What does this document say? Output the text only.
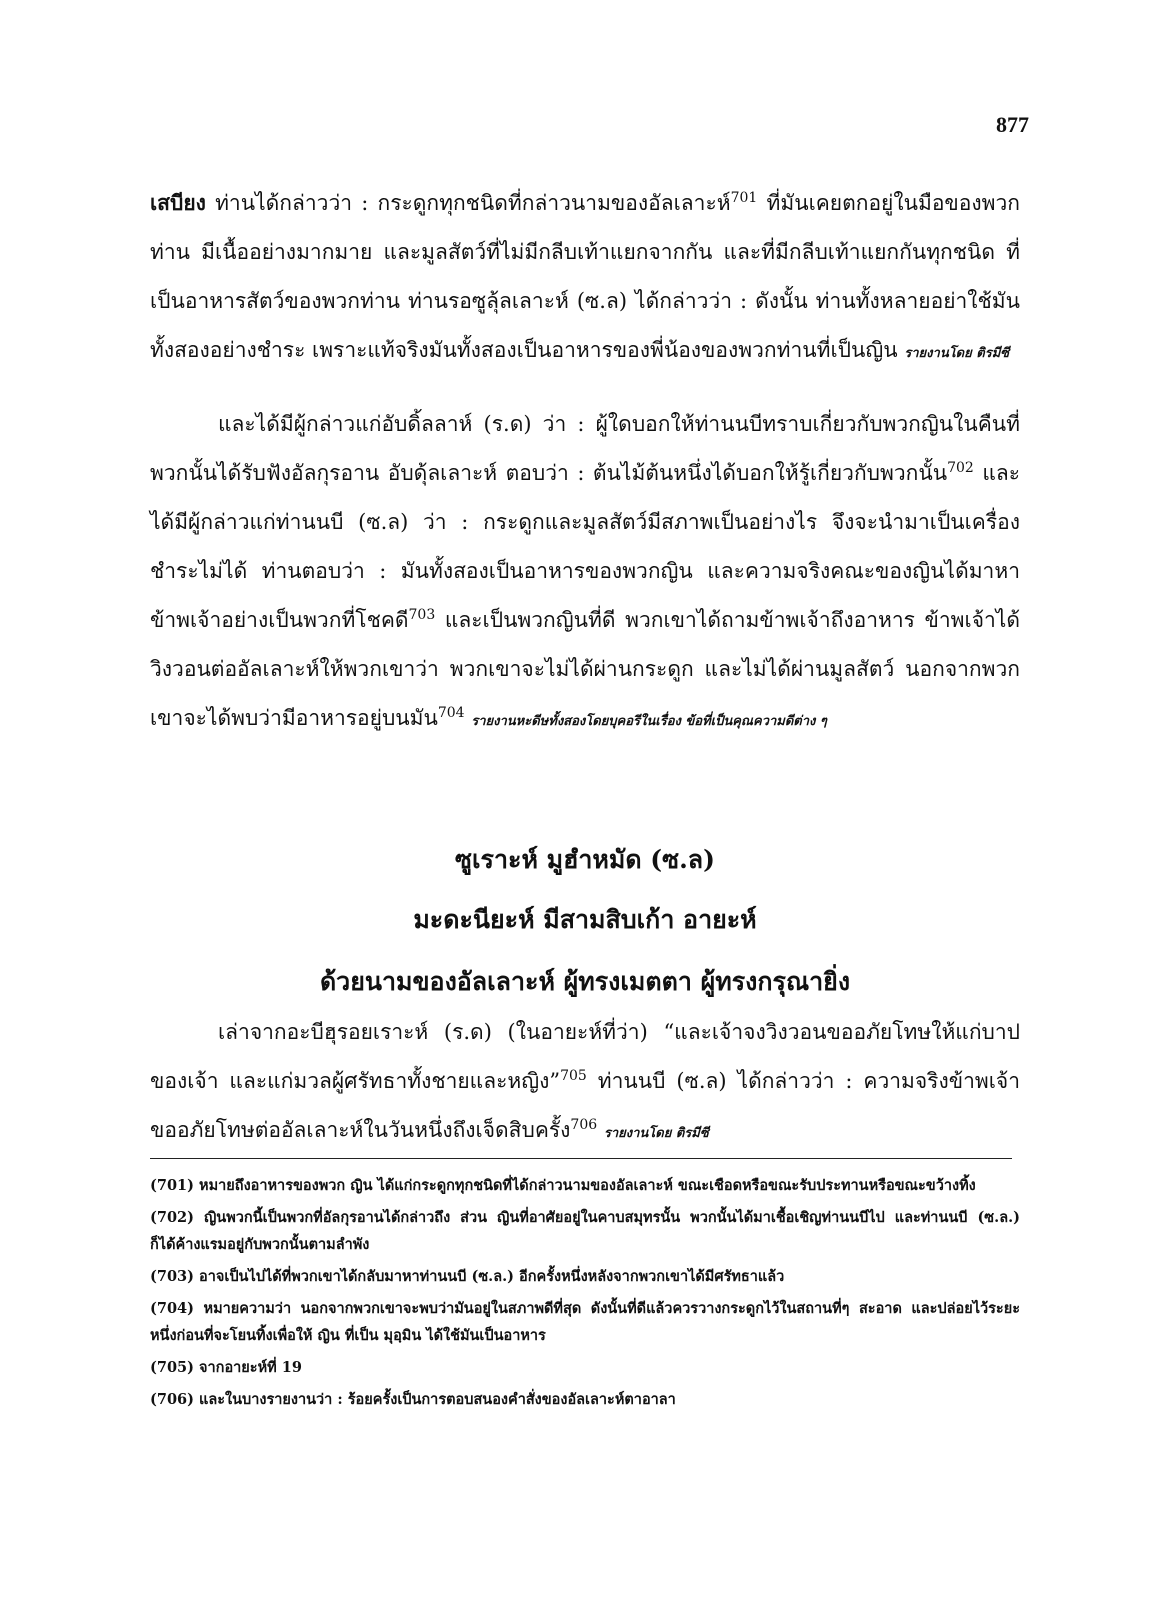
877

เสบียง ท่านได้กล่าวว่า : กระดูกทุกชนิดที่กล่าวนามของอัลเลาะห์$^{701}$ ที่มันเคยตกอยู่ในมือของพวกท่าน มีเนื้ออย่างมากมาย และมูลสัตว์ที่ไม่มีกลีบเท้าแยกจากกัน และที่มีกลีบเท้าแยกกันทุกชนิด ที่เป็นอาหารสัตว์ของพวกท่าน ท่านรอซูลุ้ลเลาะห์ (ซ.ล) ได้กล่าวว่า : ดังนั้น ท่านทั้งหลายอย่าใช้มันทั้งสองอย่างชำระ เพราะแท้จริงมันทั้งสองเป็นอาหารของพี่น้องของพวกท่านที่เป็นญิน รายงานโดย ติรมีซี

และได้มีผู้กล่าวแก่อับดิ้ลลาห์ (ร.ด) ว่า : ผู้ใดบอกให้ท่านนบีทราบเกี่ยวกับพวกญินในคืนที่พวกนั้นได้รับฟังอัลกุรอาน อับดุ้ลเลาะห์ ตอบว่า : ต้นไม้ต้นหนึ่งได้บอกให้รู้เกี่ยวกับพวกนั้น$^{702}$ และได้มีผู้กล่าวแก่ท่านนบี (ซ.ล) ว่า : กระดูกและมูลสัตว์มีสภาพเป็นอย่างไร จึงจะนำมาเป็นเครื่องชำระไม่ได้ ท่านตอบว่า : มันทั้งสองเป็นอาหารของพวกญิน และความจริงคณะของญินได้มาหาข้าพเจ้าอย่างเป็นพวกที่โชคดี$^{703}$ และเป็นพวกญินที่ดี พวกเขาได้ถามข้าพเจ้าถึงอาหาร ข้าพเจ้าได้วิงวอนต่ออัลเลาะห์ให้พวกเขาว่า พวกเขาจะไม่ได้ผ่านกระดูก และไม่ได้ผ่านมูลสัตว์ นอกจากพวกเขาจะได้พบว่ามีอาหารอยู่บนมัน$^{704}$ รายงานหะดีษทั้งสองโดยบุคอรีในเรื่อง ข้อที่เป็นคุณความดีต่าง ๆ

ซูเราะห์ มูฮำหมัด (ซ.ล)
มะดะนียะห์ มีสามสิบเก้า อายะห์
ด้วยนามของอัลเลาะห์ ผู้ทรงเมตตา ผู้ทรงกรุณายิ่ง

เล่าจากอะบีฮุรอยเราะห์ (ร.ด) (ในอายะห์ที่ว่า) “และเจ้าจงวิงวอนขออภัยโทษให้แก่บาปของเจ้า และแก่มวลผู้ศรัทธาทั้งชายและหญิง”$^{705}$ ท่านนบี (ซ.ล) ได้กล่าวว่า : ความจริงข้าพเจ้าขออภัยโทษต่ออัลเลาะห์ในวันหนึ่งถึงเจ็ดสิบครั้ง$^{706}$ รายงานโดย ติรมีซี

(701) หมายถึงอาหารของพวก ญิน ได้แก่กระดูกทุกชนิดที่ได้กล่าวนามของอัลเลาะห์ ขณะเชือดหรือขณะรับประทานหรือขณะขว้างทิ้ง

(702) ญินพวกนี้เป็นพวกที่อัลกุรอานได้กล่าวถึง ส่วน ญินที่อาศัยอยู่ในคาบสมุทรนั้น พวกนั้นได้มาเชื้อเชิญท่านนบีไป และท่านนบี (ซ.ล.) ก็ได้ค้างแรมอยู่กับพวกนั้นตามลำพัง

(703) อาจเป็นไปได้ที่พวกเขาได้กลับมาหาท่านนบี (ซ.ล.) อีกครั้งหนึ่งหลังจากพวกเขาได้มีศรัทธาแล้ว

(704) หมายความว่า นอกจากพวกเขาจะพบว่ามันอยู่ในสภาพดีที่สุด ดังนั้นที่ดีแล้วควรวางกระดูกไว้ในสถานที่ๆ สะอาด และปล่อยไว้ระยะหนึ่งก่อนที่จะโยนทิ้งเพื่อให้ ญิน ที่เป็น มุอฺมิน ได้ใช้มันเป็นอาหาร

(705) จากอายะห์ที่ 19

(706) และในบางรายงานว่า : ร้อยครั้งเป็นการตอบสนองคำสั่งของอัลเลาะห์ตาอาลา
